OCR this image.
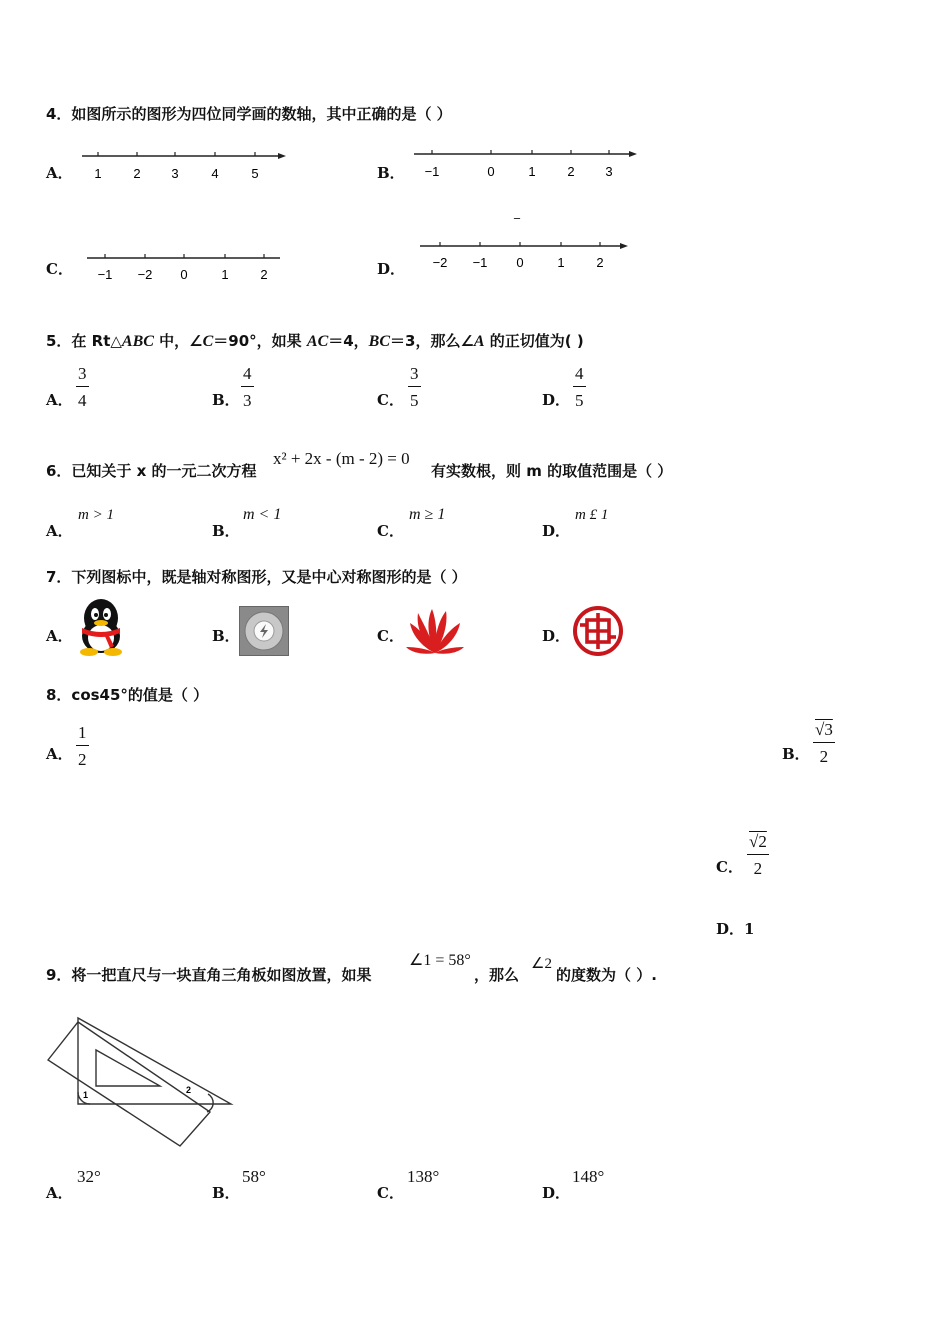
4．如图所示的图形为四位同学画的数轴，其中正确的是（ ）
A． 1 2 3	4	5	B． −1	0	1 2 3
_
C． −1 −2 0	1 2	D． −2 −1 0	1 2
5．在 Rt△ABC 中，∠C＝90°，如果 AC＝4，BC＝3，那么∠A 的正切值为( )
A．
3
4	B．
4
3	C．
3
5	D．
4
5
6．已知关于 x 的一元二次方程
x² + 2x - (m - 2) = 0
有实数根，则 m 的取值范围是（ ）
A．
m > 1
B．
m < 1
C．
m ≥ 1
D．
m £ 1
7．下列图标中，既是轴对称图形，又是中心对称图形的是（ ）
A．	B．	C．	D．
8．cos45°的值是（ ）
A．
1
2	B．
√3
2
C．
√2
2
D．1
9．将一把直尺与一块直角三角板如图放置，如果
∠1 = 58°
，那么
∠2
的度数为（ ）.
1	2
A．
32°
B．
58°
C．
138°
D．
148°
